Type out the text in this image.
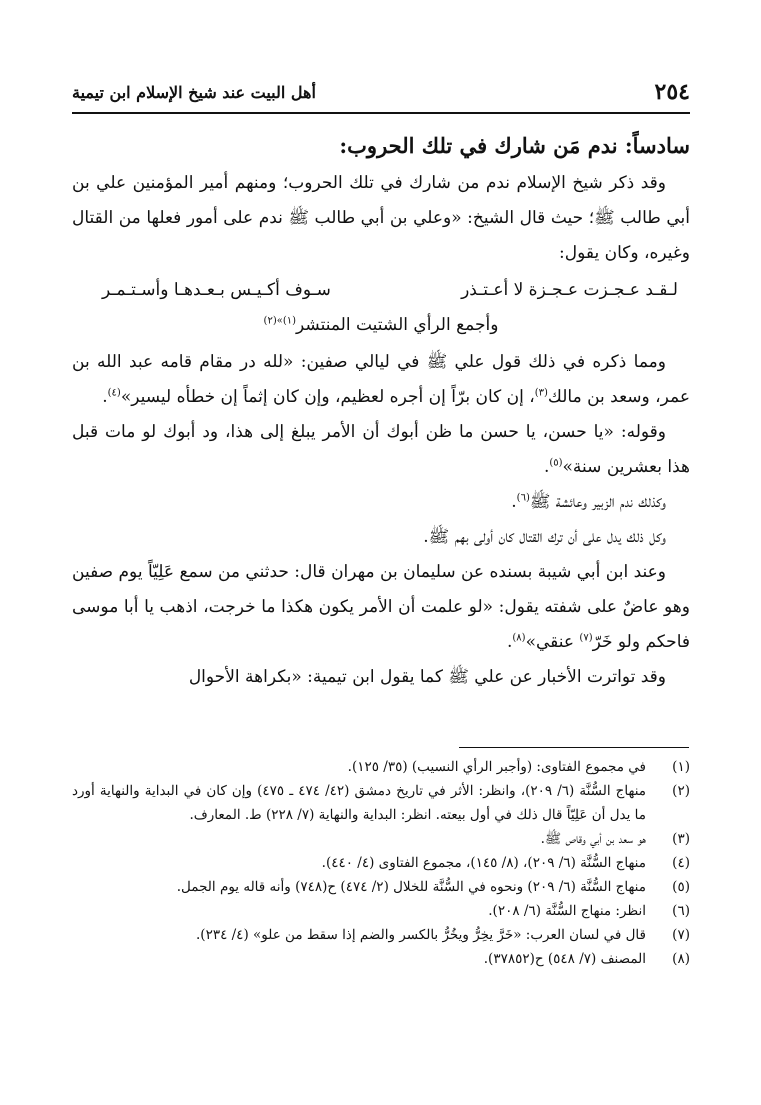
٢٥٤
أهل البيت عند شيخ الإسلام ابن تيمية

سادساً: ندم مَن شارك في تلك الحروب:

وقد ذكر شيخ الإسلام ندم من شارك في تلك الحروب؛ ومنهم أمير المؤمنين علي بن أبي طالب ﷺ؛ حيث قال الشيخ: «وعلي بن أبي طالب ﷺ ندم على أمور فعلها من القتال وغيره، وكان يقول:

لـقـد عـجـزت عـجـزة لا أعـتـذر
سـوف أكـيـس بـعـدهـا وأسـتـمـر
وأجمع الرأي الشتيت المنتشر$^{(١)»(٢)}$

ومما ذكره في ذلك قول علي ﷺ في ليالي صفين: «لله در مقام قامه عبد الله بن عمر، وسعد بن مالك$^{(٣)}$، إن كان برّاً إن أجره لعظيم، وإن كان إثماً إن خطأه ليسير»$^{(٤)}$.

وقوله: «يا حسن، يا حسن ما ظن أبوك أن الأمر يبلغ إلى هذا، ود أبوك لو مات قبل هذا بعشرين سنة»$^{(٥)}$.

وكذلك ندم الزبير وعائشة ﷺ$^{(٦)}$.

وكل ذلك يدل على أن ترك القتال كان أولى بهم ﷺ.

وعند ابن أبي شيبة بسنده عن سليمان بن مهران قال: حدثني من سمع عَلِيّاً يوم صفين وهو عاضٌ على شفته يقول: «لو علمت أن الأمر يكون هكذا ما خرجت، اذهب يا أبا موسى فاحكم ولو خَرّ$^{(٧)}$ عنقي»$^{(٨)}$.

وقد تواترت الأخبار عن علي ﷺ كما يقول ابن تيمية: «بكراهة الأحوال

(١)
في مجموع الفتاوى: (وأجبر الرأي النسيب) (٣٥/ ١٢٥).

(٢)
منهاج السُّنَّة (٦/ ٢٠٩)، وانظر: الأثر في تاريخ دمشق (٤٢/ ٤٧٤ ـ ٤٧٥) وإن كان في البداية والنهاية أورد ما يدل أن عَلِيّاً قال ذلك في أول بيعته. انظر: البداية والنهاية (٧/ ٢٢٨) ط. المعارف.

(٣)
هو سعد بن أبي وقاص ﷺ.

(٤)
منهاج السُّنَّة (٦/ ٢٠٩)، (٨/ ١٤٥)، مجموع الفتاوى (٤/ ٤٤٠).

(٥)
منهاج السُّنَّة (٦/ ٢٠٩) ونحوه في السُّنَّة للخلال (٢/ ٤٧٤) ح(٧٤٨) وأنه قاله يوم الجمل.

(٦)
انظر: منهاج السُّنَّة (٦/ ٢٠٨).

(٧)
قال في لسان العرب: «خَرَّ يخِرُّ ويخُرُّ بالكسر والضم إذا سقط من علو» (٤/ ٢٣٤).

(٨)
المصنف (٧/ ٥٤٨) ح(٣٧٨٥٢).
